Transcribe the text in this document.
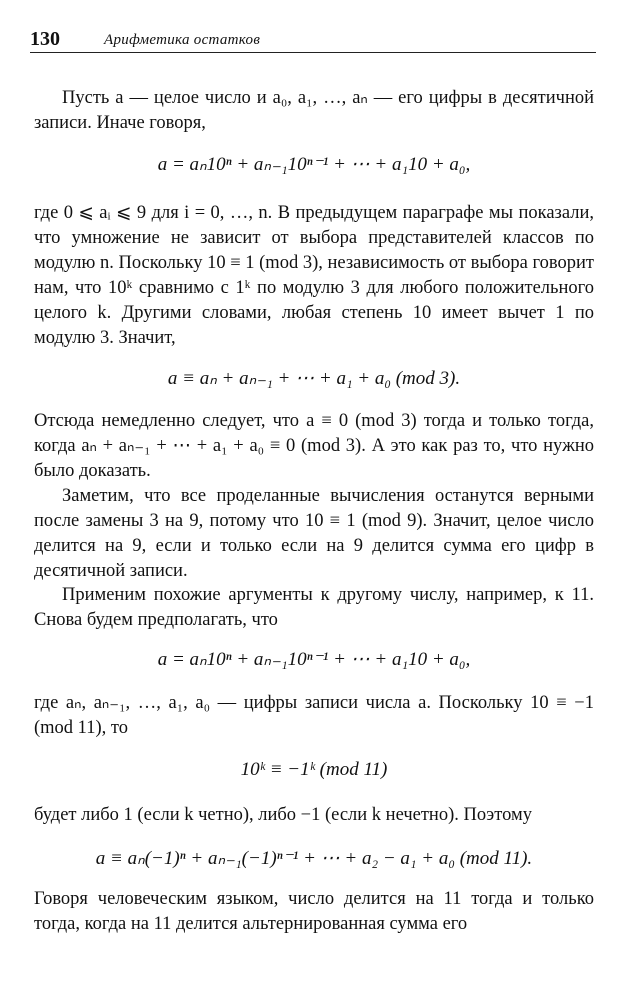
130	Арифметика остатков

Пусть a — целое число и a₀, a₁, …, aₙ — его цифры в десятичной записи. Иначе говоря,

a = aₙ10ⁿ + aₙ₋₁10ⁿ⁻¹ + ⋯ + a₁10 + a₀,

где 0 ⩽ aᵢ ⩽ 9 для i = 0, …, n. В предыдущем параграфе мы показали, что умножение не зависит от выбора представителей классов по модулю n. Поскольку 10 ≡ 1 (mod 3), независимость от выбора говорит нам, что 10ᵏ сравнимо с 1ᵏ по модулю 3 для любого положительного целого k. Другими словами, любая степень 10 имеет вычет 1 по модулю 3. Значит,

a ≡ aₙ + aₙ₋₁ + ⋯ + a₁ + a₀ (mod 3).

Отсюда немедленно следует, что a ≡ 0 (mod 3) тогда и только тогда, когда aₙ + aₙ₋₁ + ⋯ + a₁ + a₀ ≡ 0 (mod 3). А это как раз то, что нужно было доказать.

Заметим, что все проделанные вычисления останутся верными после замены 3 на 9, потому что 10 ≡ 1 (mod 9). Значит, целое число делится на 9, если и только если на 9 делится сумма его цифр в десятичной записи.

Применим похожие аргументы к другому числу, например, к 11. Снова будем предполагать, что

a = aₙ10ⁿ + aₙ₋₁10ⁿ⁻¹ + ⋯ + a₁10 + a₀,

где aₙ, aₙ₋₁, …, a₁, a₀ — цифры записи числа a. Поскольку 10 ≡ −1 (mod 11), то

10ᵏ ≡ −1ᵏ (mod 11)

будет либо 1 (если k четно), либо −1 (если k нечетно). Поэтому

a ≡ aₙ(−1)ⁿ + aₙ₋₁(−1)ⁿ⁻¹ + ⋯ + a₂ − a₁ + a₀ (mod 11).

Говоря человеческим языком, число делится на 11 тогда и только тогда, когда на 11 делится альтернированная сумма его
